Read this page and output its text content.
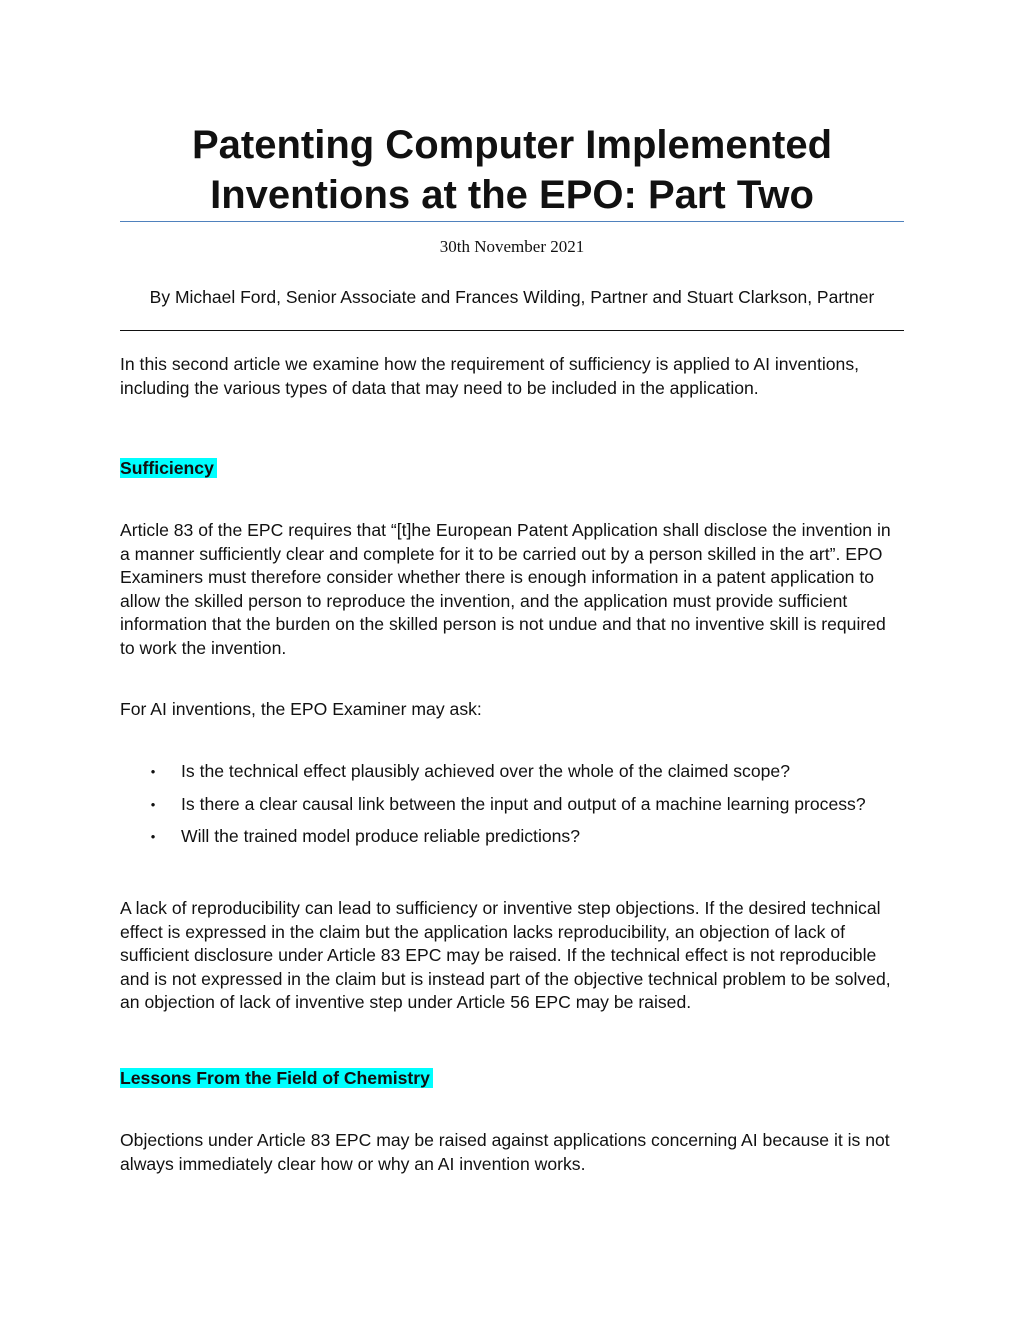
Patenting Computer Implemented Inventions at the EPO: Part Two
30th November 2021
By Michael Ford, Senior Associate and Frances Wilding, Partner and Stuart Clarkson, Partner

In this second article we examine how the requirement of sufficiency is applied to AI inventions, including the various types of data that may need to be included in the application.

Sufficiency

Article 83 of the EPC requires that “[t]he European Patent Application shall disclose the invention in a manner sufficiently clear and complete for it to be carried out by a person skilled in the art”. EPO Examiners must therefore consider whether there is enough information in a patent application to allow the skilled person to reproduce the invention, and the application must provide sufficient information that the burden on the skilled person is not undue and that no inventive skill is required to work the invention.

For AI inventions, the EPO Examiner may ask:

• Is the technical effect plausibly achieved over the whole of the claimed scope?
• Is there a clear causal link between the input and output of a machine learning process?
• Will the trained model produce reliable predictions?

A lack of reproducibility can lead to sufficiency or inventive step objections. If the desired technical effect is expressed in the claim but the application lacks reproducibility, an objection of lack of sufficient disclosure under Article 83 EPC may be raised. If the technical effect is not reproducible and is not expressed in the claim but is instead part of the objective technical problem to be solved, an objection of lack of inventive step under Article 56 EPC may be raised.

Lessons From the Field of Chemistry

Objections under Article 83 EPC may be raised against applications concerning AI because it is not always immediately clear how or why an AI invention works.
